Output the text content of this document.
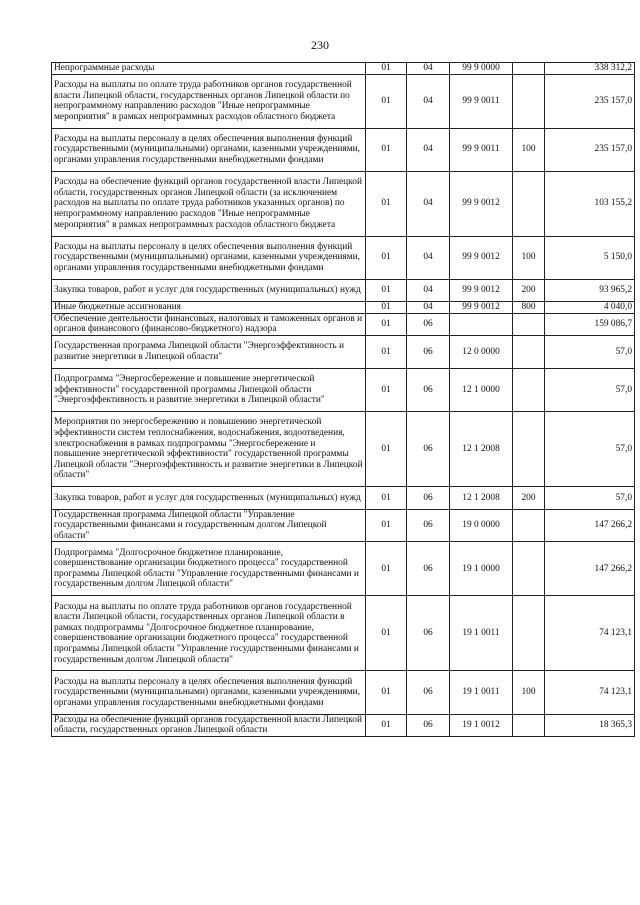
230
Непрограммные расходы	01	04	99 9 0000		338 312,2
Расходы на выплаты по оплате труда работников органов государственной власти Липецкой области, государственных органов Липецкой области по непрограммному направлению расходов "Иные непрограммные мероприятия" в рамках непрограммных расходов областного бюджета	01	04	99 9 0011		235 157,0
Расходы на выплаты персоналу в целях обеспечения выполнения функций государственными (муниципальными) органами, казенными учреждениями, органами управления государственными внебюджетными фондами	01	04	99 9 0011	100	235 157,0
Расходы на обеспечение функций органов государственной власти Липецкой области, государственных органов Липецкой области (за исключением расходов на выплаты по оплате труда работников указанных органов) по непрограммному направлению расходов "Иные непрограммные мероприятия" в рамках непрограммных расходов областного бюджета	01	04	99 9 0012		103 155,2
Расходы на выплаты персоналу в целях обеспечения выполнения функций государственными (муниципальными) органами, казенными учреждениями, органами управления государственными внебюджетными фондами	01	04	99 9 0012	100	5 150,0
Закупка товаров, работ и услуг для государственных (муниципальных) нужд	01	04	99 9 0012	200	93 965,2
Иные бюджетные ассигнования	01	04	99 9 0012	800	4 040,0
Обеспечение деятельности финансовых, налоговых и таможенных органов и органов финансового (финансово-бюджетного) надзора	01	06			159 086,7
Государственная программа Липецкой области "Энергоэффективность и развитие энергетики в Липецкой области"	01	06	12 0 0000		57,0
Подпрограмма "Энергосбережение и повышение энергетической эффективности" государственной программы Липецкой области "Энергоэффективность и развитие энергетики в Липецкой области"	01	06	12 1 0000		57,0
Мероприятия по энергосбережению и повышению энергетической эффективности систем теплоснабжения, водоснабжения, водоотведения, электроснабжения в рамках подпрограммы "Энергосбережение и повышение энергетической эффективности" государственной программы Липецкой области "Энергоэффективность и развитие энергетики в Липецкой области"	01	06	12 1 2008		57,0
Закупка товаров, работ и услуг для государственных (муниципальных) нужд	01	06	12 1 2008	200	57,0
Государственная программа Липецкой области "Управление государственными финансами и государственным долгом Липецкой области"	01	06	19 0 0000		147 266,2
Подпрограмма "Долгосрочное бюджетное планирование, совершенствование организации бюджетного процесса" государственной программы Липецкой области "Управление государственными финансами и государственным долгом Липецкой области"	01	06	19 1 0000		147 266,2
Расходы на выплаты по оплате труда работников органов государственной власти Липецкой области, государственных органов Липецкой области в рамках подпрограммы "Долгосрочное бюджетное планирование, совершенствование организации бюджетного процесса" государственной программы Липецкой области "Управление государственными финансами и государственным долгом Липецкой области"	01	06	19 1 0011		74 123,1
Расходы на выплаты персоналу в целях обеспечения выполнения функций государственными (муниципальными) органами, казенными учреждениями, органами управления государственными внебюджетными фондами	01	06	19 1 0011	100	74 123,1
Расходы на обеспечение функций органов государственной власти Липецкой области, государственных органов Липецкой области	01	06	19 1 0012		18 365,3
